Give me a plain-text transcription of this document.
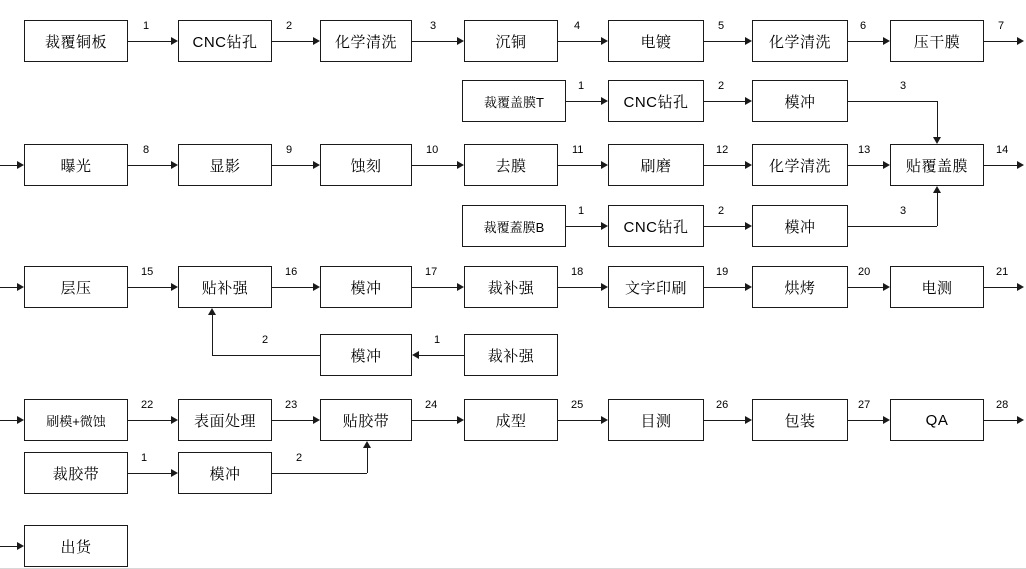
裁覆铜板	CNC钻孔	化学清洗	沉铜	电镀	化学清洗	压干膜
1	2	3	4	5	6	7
裁覆盖膜T	CNC钻孔	模冲
1	2	3
曝光	显影	蚀刻	去膜	刷磨	化学清洗	贴覆盖膜
8	9	10	11	12	13	14
裁覆蓋膜B	CNC钻孔	模冲
1	2	3
层压	贴补强	模冲	裁补强	文字印刷	烘烤	电测
15	16	17	18	19	20	21
模冲	裁补强
1
2
刷模+微蚀	表面处理	贴胶带	成型	目测	包装	QA
22	23	24	25	26	27	28
裁胶带	模冲
1	2
出货
